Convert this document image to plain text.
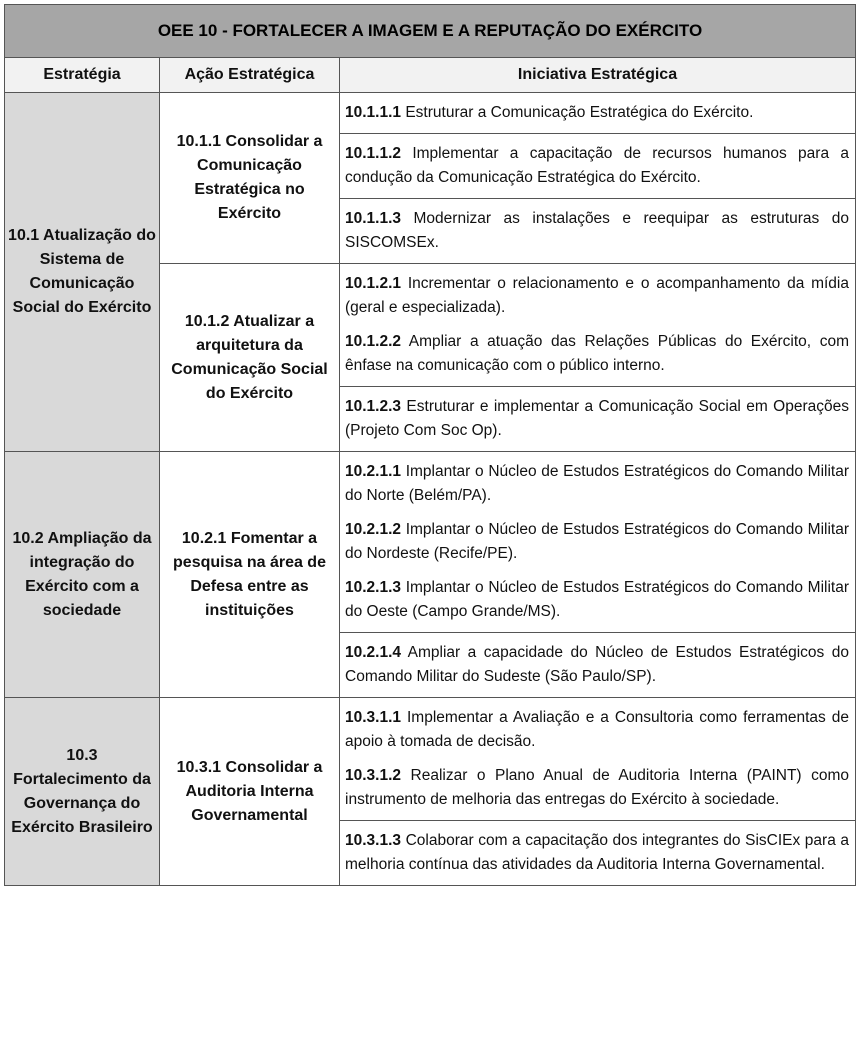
OEE 10 - FORTALECER A IMAGEM E A REPUTAÇÃO DO EXÉRCITO
Estratégia	Ação Estratégica	Iniciativa Estratégica
10.1 Atualização do Sistema de Comunicação Social do Exército
10.1.1 Consolidar a Comunicação Estratégica no Exército
10.1.1.1 Estruturar a Comunicação Estratégica do Exército.
10.1.1.2 Implementar a capacitação de recursos humanos para a condução da Comunicação Estratégica do Exército.
10.1.1.3 Modernizar as instalações e reequipar as estruturas do SISCOMSEx.
10.1.2 Atualizar a arquitetura da Comunicação Social do Exército
10.1.2.1 Incrementar o relacionamento e o acompanhamento da mídia (geral e especializada).
10.1.2.2 Ampliar a atuação das Relações Públicas do Exército, com ênfase na comunicação com o público interno.
10.1.2.3 Estruturar e implementar a Comunicação Social em Operações (Projeto Com Soc Op).
10.2 Ampliação da integração do Exército com a sociedade
10.2.1 Fomentar a pesquisa na área de Defesa entre as instituições
10.2.1.1 Implantar o Núcleo de Estudos Estratégicos do Comando Militar do Norte (Belém/PA).
10.2.1.2 Implantar o Núcleo de Estudos Estratégicos do Comando Militar do Nordeste (Recife/PE).
10.2.1.3 Implantar o Núcleo de Estudos Estratégicos do Comando Militar do Oeste (Campo Grande/MS).
10.2.1.4 Ampliar a capacidade do Núcleo de Estudos Estratégicos do Comando Militar do Sudeste (São Paulo/SP).
10.3 Fortalecimento da Governança do Exército Brasileiro
10.3.1 Consolidar a Auditoria Interna Governamental
10.3.1.1 Implementar a Avaliação e a Consultoria como ferramentas de apoio à tomada de decisão.
10.3.1.2 Realizar o Plano Anual de Auditoria Interna (PAINT) como instrumento de melhoria das entregas do Exército à sociedade.
10.3.1.3 Colaborar com a capacitação dos integrantes do SisCIEx para a melhoria contínua das atividades da Auditoria Interna Governamental.
